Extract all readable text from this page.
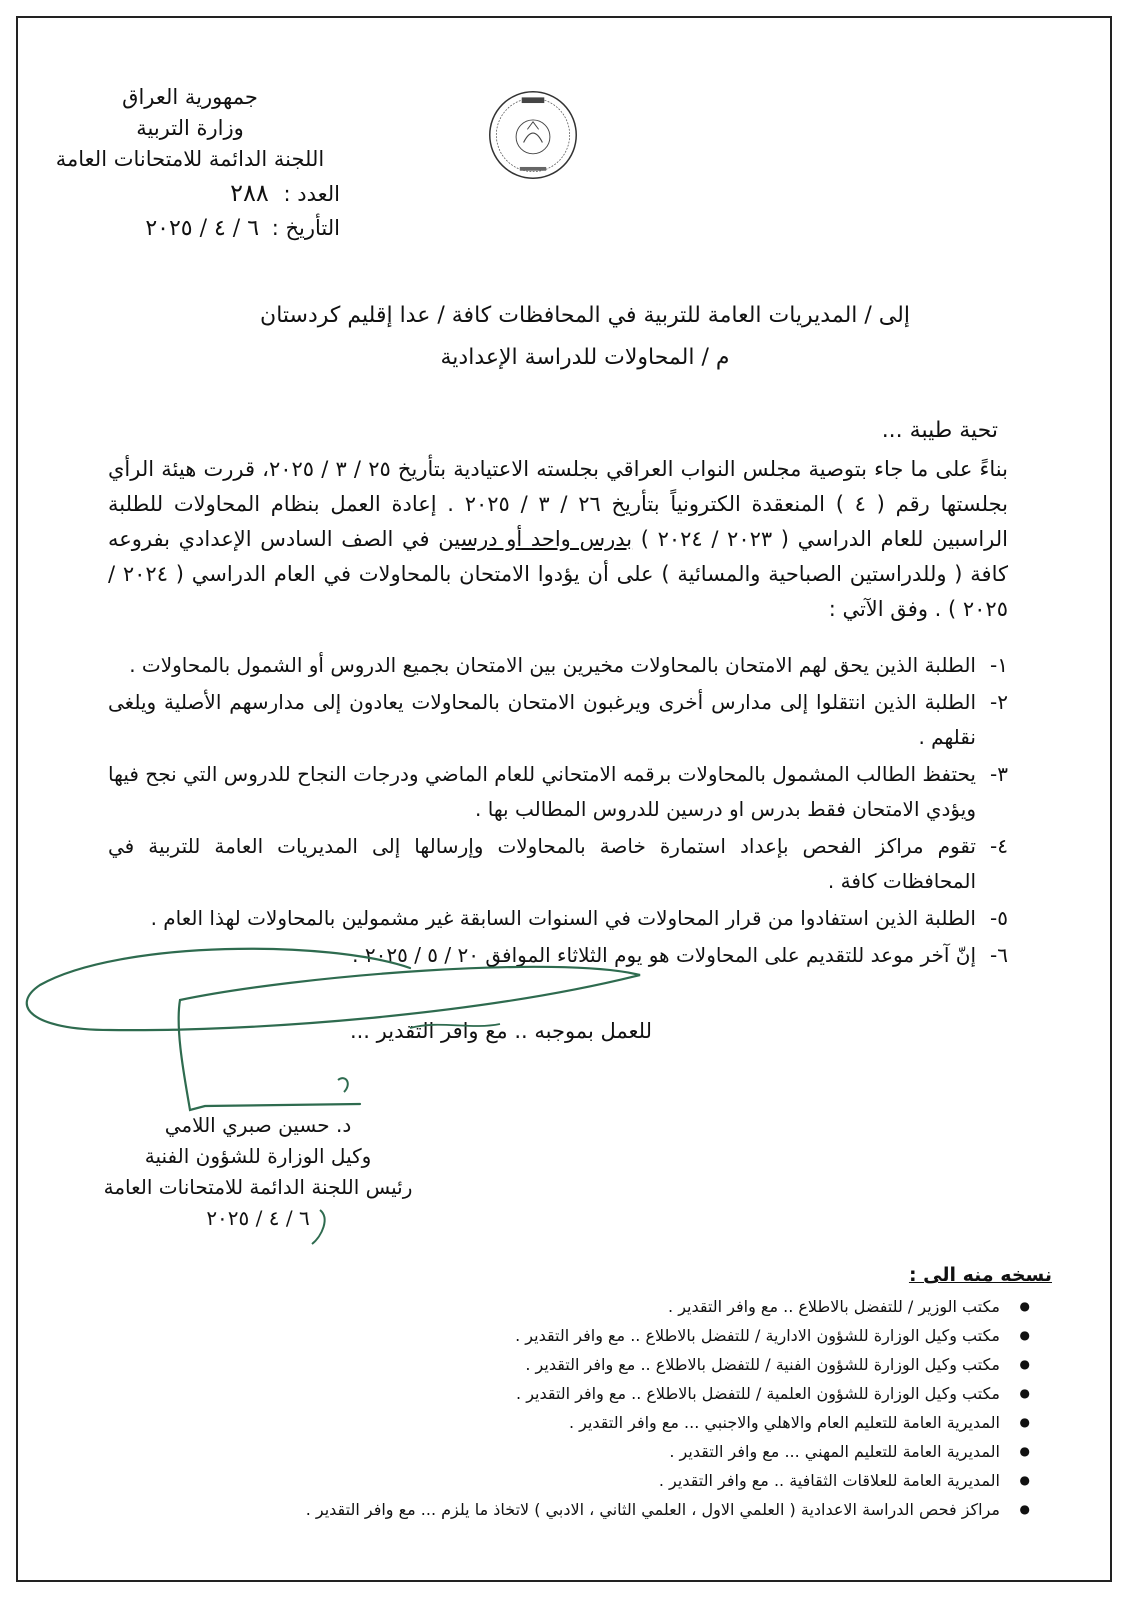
جمهورية العراق
وزارة التربية
اللجنة الدائمة للامتحانات العامة
العدد : ٢٨٨
التأريخ : ٦ / ٤ / ٢٠٢٥
إلى / المديريات العامة للتربية في المحافظات كافة / عدا إقليم كردستان
م / المحاولات للدراسة الإعدادية
تحية طيبة ...
بناءً على ما جاء بتوصية مجلس النواب العراقي بجلسته الاعتيادية بتأريخ ٢٥ / ٣ / ٢٠٢٥، قررت هيئة الرأي بجلستها رقم ( ٤ ) المنعقدة الكترونياً بتأريخ ٢٦ / ٣ / ٢٠٢٥ . إعادة العمل بنظام المحاولات للطلبة الراسبين للعام الدراسي ( ٢٠٢٣ / ٢٠٢٤ ) بدرس واحد أو درسين في الصف السادس الإعدادي بفروعه كافة ( وللدراستين الصباحية والمسائية ) على أن يؤدوا الامتحان بالمحاولات في العام الدراسي ( ٢٠٢٤ / ٢٠٢٥ ) . وفق الآتي :
١-
الطلبة الذين يحق لهم الامتحان بالمحاولات مخيرين بين الامتحان بجميع الدروس أو الشمول بالمحاولات .
٢-
الطلبة الذين انتقلوا إلى مدارس أخرى ويرغبون الامتحان بالمحاولات يعادون إلى مدارسهم الأصلية ويلغى نقلهم .
٣-
يحتفظ الطالب المشمول بالمحاولات برقمه الامتحاني للعام الماضي ودرجات النجاح للدروس التي نجح فيها ويؤدي الامتحان فقط بدرس او درسين للدروس المطالب بها .
٤-
تقوم مراكز الفحص بإعداد استمارة خاصة بالمحاولات وإرسالها إلى المديريات العامة للتربية في المحافظات كافة .
٥-
الطلبة الذين استفادوا من قرار المحاولات في السنوات السابقة غير مشمولين بالمحاولات لهذا العام .
٦-
إنّ آخر موعد للتقديم على المحاولات هو يوم الثلاثاء الموافق ٢٠ / ٥ / ٢٠٢٥ .
للعمل بموجبه .. مع وافر التقدير ...
د. حسين صبري اللامي
وكيل الوزارة للشؤون الفنية
رئيس اللجنة الدائمة للامتحانات العامة
٦ / ٤ / ٢٠٢٥
نسخه منه الى :
● مكتب الوزير / للتفضل بالاطلاع .. مع وافر التقدير .
● مكتب وكيل الوزارة للشؤون الادارية / للتفضل بالاطلاع .. مع وافر التقدير .
● مكتب وكيل الوزارة للشؤون الفنية / للتفضل بالاطلاع .. مع وافر التقدير .
● مكتب وكيل الوزارة للشؤون العلمية / للتفضل بالاطلاع .. مع وافر التقدير .
● المديرية العامة للتعليم العام والاهلي والاجنبي ... مع وافر التقدير .
● المديرية العامة للتعليم المهني ... مع وافر التقدير .
● المديرية العامة للعلاقات الثقافية .. مع وافر التقدير .
● مراكز فحص الدراسة الاعدادية ( العلمي الاول ، العلمي الثاني ، الادبي ) لاتخاذ ما يلزم ... مع وافر التقدير .
